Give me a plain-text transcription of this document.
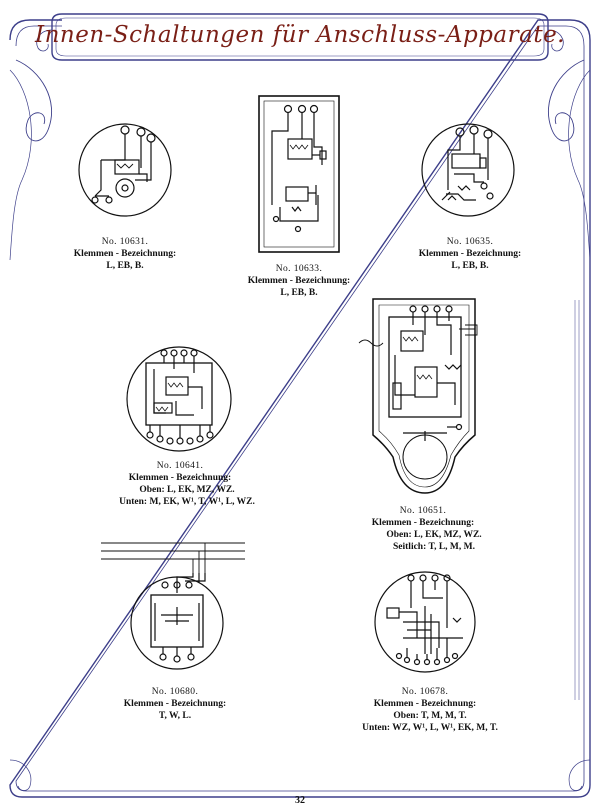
Innen-Schaltungen für Anschluss-Apparate.
No. 10631.
Klemmen - Bezeichnung:
L, EB, B.	No. 10633.
Klemmen - Bezeichnung:
L, EB, B.
No. 10635.
Klemmen - Bezeichnung:
L, EB, B.
No. 10641.
Klemmen - Bezeichnung:
Oben: L, EK, MZ, WZ.
Unten: M, EK, W¹, T, W¹, L, WZ.
No. 10651.
Klemmen - Bezeichnung:
Oben: L, EK, MZ, WZ.
Seitlich: T, L, M, M.
No. 10680.
Klemmen - Bezeichnung:
T, W, L.
No. 10678.
Klemmen - Bezeichnung:
Oben: T, M, M, T.
Unten: WZ, W¹, L, W¹, EK, M, T.
32
